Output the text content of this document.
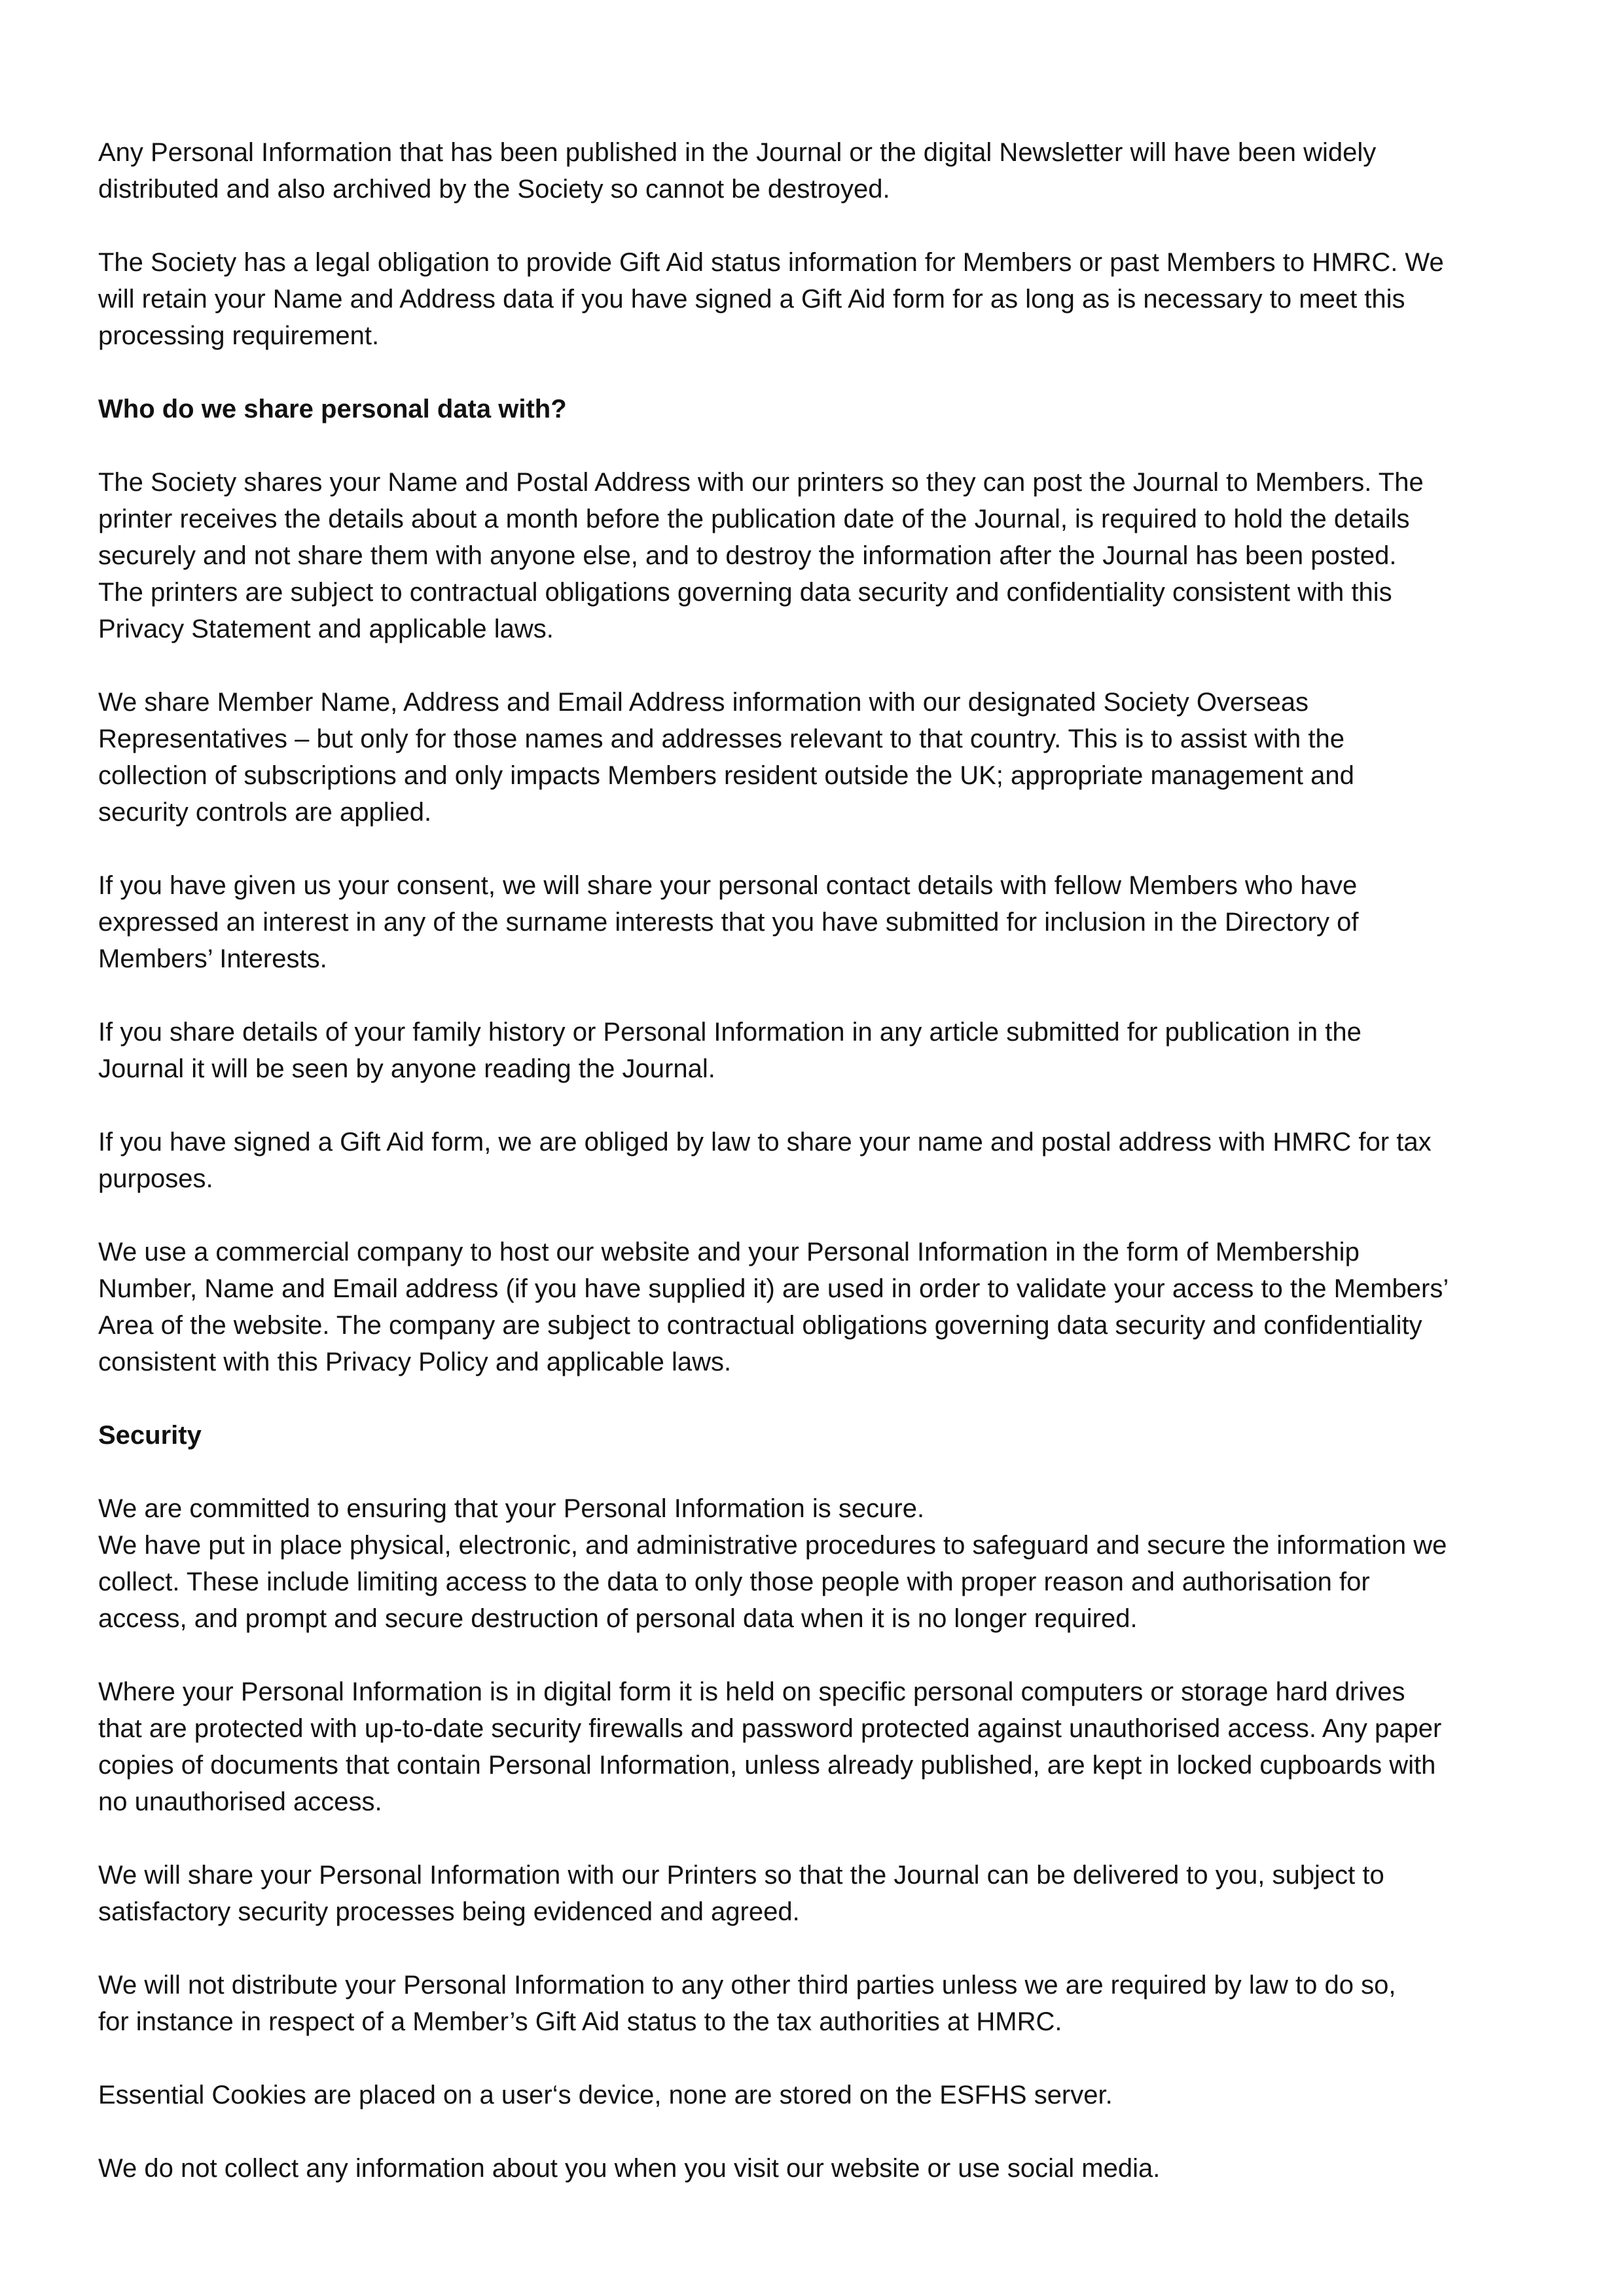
Any Personal Information that has been published in the Journal or the digital Newsletter will have been widely
distributed and also archived by the Society so cannot be destroyed.

The Society has a legal obligation to provide Gift Aid status information for Members or past Members to HMRC. We
will retain your Name and Address data if you have signed a Gift Aid form for as long as is necessary to meet this
processing requirement.

Who do we share personal data with?

The Society shares your Name and Postal Address with our printers so they can post the Journal to Members. The
printer receives the details about a month before the publication date of the Journal, is required to hold the details
securely and not share them with anyone else, and to destroy the information after the Journal has been posted.
The printers are subject to contractual obligations governing data security and confidentiality consistent with this
Privacy Statement and applicable laws.

We share Member Name, Address and Email Address information with our designated Society Overseas
Representatives – but only for those names and addresses relevant to that country. This is to assist with the
collection of subscriptions and only impacts Members resident outside the UK; appropriate management and
security controls are applied.

If you have given us your consent, we will share your personal contact details with fellow Members who have
expressed an interest in any of the surname interests that you have submitted for inclusion in the Directory of
Members’ Interests.

If you share details of your family history or Personal Information in any article submitted for publication in the
Journal it will be seen by anyone reading the Journal.

If you have signed a Gift Aid form, we are obliged by law to share your name and postal address with HMRC for tax
purposes.

We use a commercial company to host our website and your Personal Information in the form of Membership
Number, Name and Email address (if you have supplied it) are used in order to validate your access to the Members’
Area of the website. The company are subject to contractual obligations governing data security and confidentiality
consistent with this Privacy Policy and applicable laws.

Security

We are committed to ensuring that your Personal Information is secure.

We have put in place physical, electronic, and administrative procedures to safeguard and secure the information we
collect. These include limiting access to the data to only those people with proper reason and authorisation for
access, and prompt and secure destruction of personal data when it is no longer required.

Where your Personal Information is in digital form it is held on specific personal computers or storage hard drives
that are protected with up-to-date security firewalls and password protected against unauthorised access. Any paper
copies of documents that contain Personal Information, unless already published, are kept in locked cupboards with
no unauthorised access.

We will share your Personal Information with our Printers so that the Journal can be delivered to you, subject to
satisfactory security processes being evidenced and agreed.

We will not distribute your Personal Information to any other third parties unless we are required by law to do so,
for instance in respect of a Member’s Gift Aid status to the tax authorities at HMRC.

Essential Cookies are placed on a user‘s device, none are stored on the ESFHS server.

We do not collect any information about you when you visit our website or use social media.
